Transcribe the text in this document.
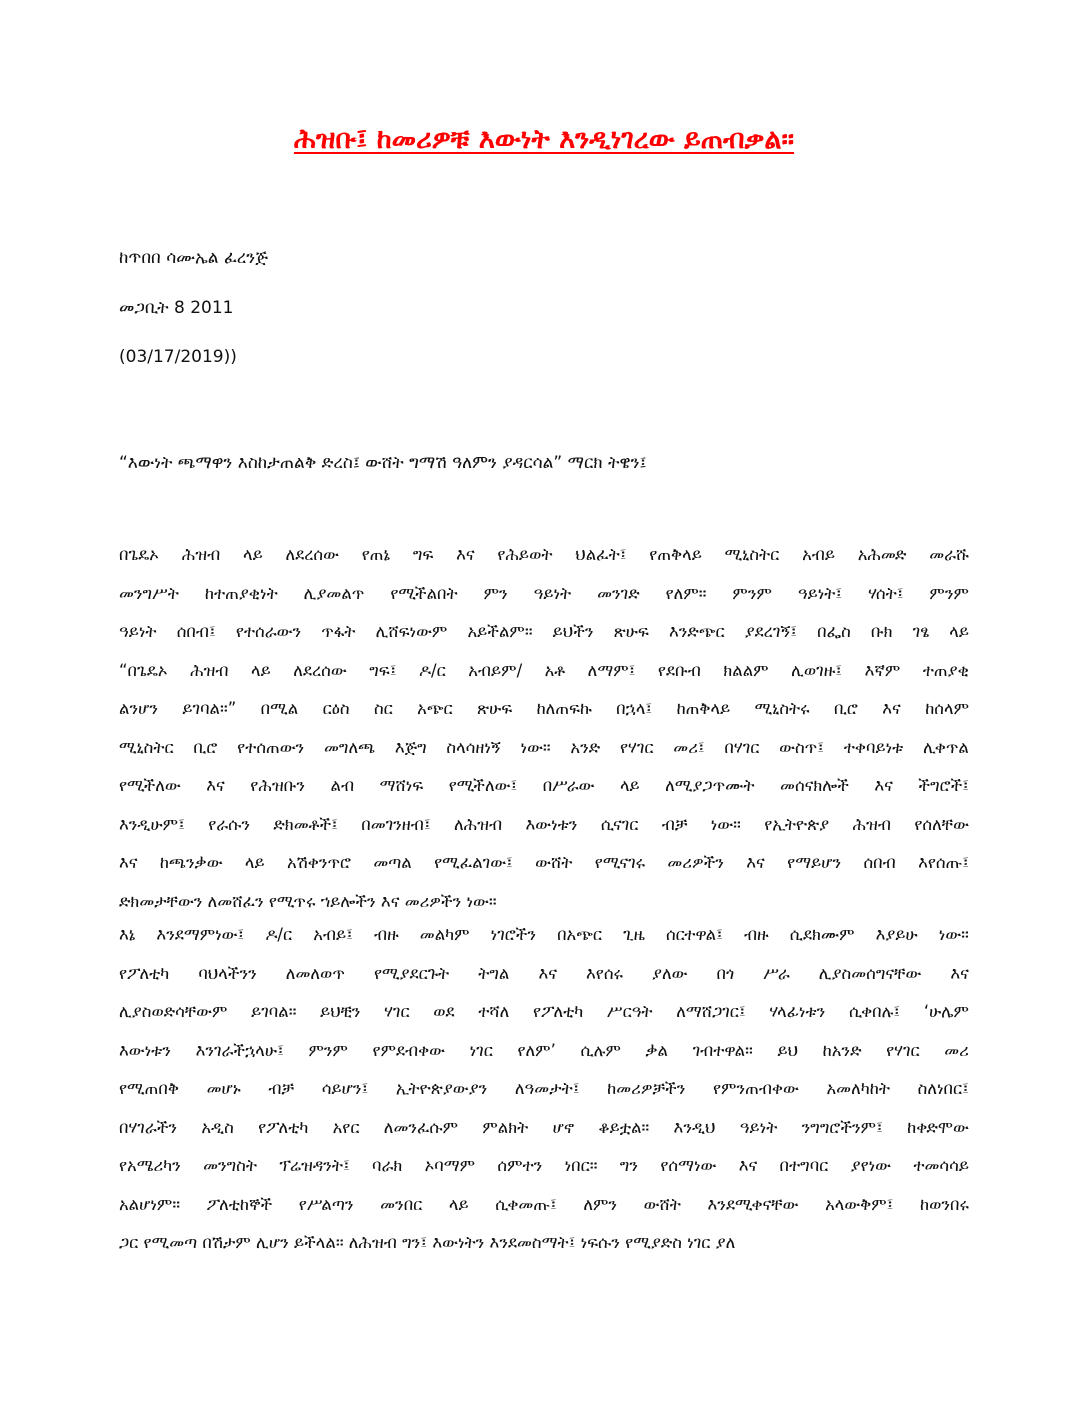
ሕዝቡ፤ ከመሪዎቹ እውነት እንዲነገረው ይጠብቃል።
ከጥበበ ሳሙኤል ፈረንጅ
መጋቢት 8 2011
(03/17/2019))
“እውነት ጫማዋን እስከታጠልቅ ድረስ፤ ውሸት ግማሽ ዓለምን ያዳርሳል” ማርክ ትዌን፤
በጌዴኦ ሕዝብ ላይ ለደረሰው የጠኔ ግፍ እና የሕይወት ህልፈት፤ የጠቅላይ ሚኒስትር አብይ አሕመድ መራሹ
መንግሥት ከተጠያቂነት ሊያመልጥ የሚችልበት ምን ዓይነት መንገድ የለም። ምንም ዓይነት፤ ሃሰት፤ ምንም
ዓይነት ሰበብ፤ የተሰራውን ጥፋት ሊሸፍነውም አይችልም። ይህችን ጽሁፍ እንድጭር ያደረገኝ፤ በፌስ ቡክ ገፄ ላይ
“በጌዴኦ ሕዝብ ላይ ለደረሰው ግፍ፤ ዶ/ር አብይም/ አቶ ለማም፤ የደቡብ ክልልም ሊወገዙ፤ እኛም ተጠያቂ
ልንሆን ይገባል።” በሚል ርዕስ ስር አጭር ጽሁፍ ከለጠፍኩ በኋላ፤ ከጠቅላይ ሚኒስትሩ ቢሮ እና ከሰላም
ሚኒስትር ቢሮ የተሰጠውን መግለጫ እጅግ ስላሳዘነኝ ነው። አንድ የሃገር መሪ፤ በሃገር ውስጥ፤ ተቀባይነቱ ሊቀጥል
የሚችለው እና የሕዝቡን ልብ ማሸነፍ የሚችለው፤ በሥራው ላይ ለሚያጋጥሙት መሰናክሎች እና ችግሮች፤
እንዲሁም፤ የራሱን ድክመቶች፤ በመገንዘብ፤ ለሕዝብ እውነቱን ሲናገር ብቻ ነው። የኢትዮጵያ ሕዝብ የሰለቸው
እና ከጫንቃው ላይ አሽቀንጥሮ መጣል የሚፈልገው፤ ውሸት የሚናገሩ መሪዎችን እና የማይሆን ሰበብ እየሰጡ፤
ድክመታቸውን ለመሸፈን የሚጥሩ ኀይሎችን እና መሪዎችን ነው።
እኔ እንደማምነው፤ ዶ/ር አብይ፤ ብዙ መልካም ነገሮችን በአጭር ጊዜ ሰርተዋል፤ ብዙ ሲደክሙም እያይሁ ነው።
የፖለቲካ ባህላችንን ለመለወጥ የሚያደርጉት ትግል እና እየሰሩ ያለው በጎ ሥራ ሊያስመሰግናቸው እና
ሊያስወድሳቸውም ይገባል። ይህቺን ሃገር ወደ ተሻለ የፖለቲካ ሥርዓት ለማሸጋገር፤ ሃላፊነቱን ሲቀበሉ፤ ‘ሁሌም
እውነቱን እንገራችኋላሁ፤ ምንም የምደብቀው ነገር የለም’ ሲሉም ቃል ገብተዋል። ይህ ከአንድ የሃገር መሪ
የሚጠበቅ መሆኑ ብቻ ሳይሆን፤ ኢትዮጵያውያን ለዓመታት፤ ከመሪዎቻችን የምንጠብቀው አመለካከት ስለነበር፤
በሃገራችን አዲስ የፖለቲካ አየር ለመንፈሱም ምልክት ሆኖ ቆይቷል። እንዲህ ዓይነት ንግግሮችንም፤ ከቀድሞው
የአሜሪካን መንግስት ፕሬዝዳንት፤ ባራክ ኦባማም ሰምተን ነበር። ግን የሰማነው እና በተግባር ያየነው ተመሳሳይ
አልሆነም። ፖለቲከኞች የሥልጣን መንበር ላይ ሲቀመጡ፤ ለምን ውሸት እንደሚቀናቸው አላውቅም፤ ከወንበሩ
ጋር የሚመጣ በሽታም ሊሆን ይችላል። ለሕዝብ ግን፤ እውነትን እንደመስማት፤ ነፍሱን የሚያድስ ነገር ያለ
